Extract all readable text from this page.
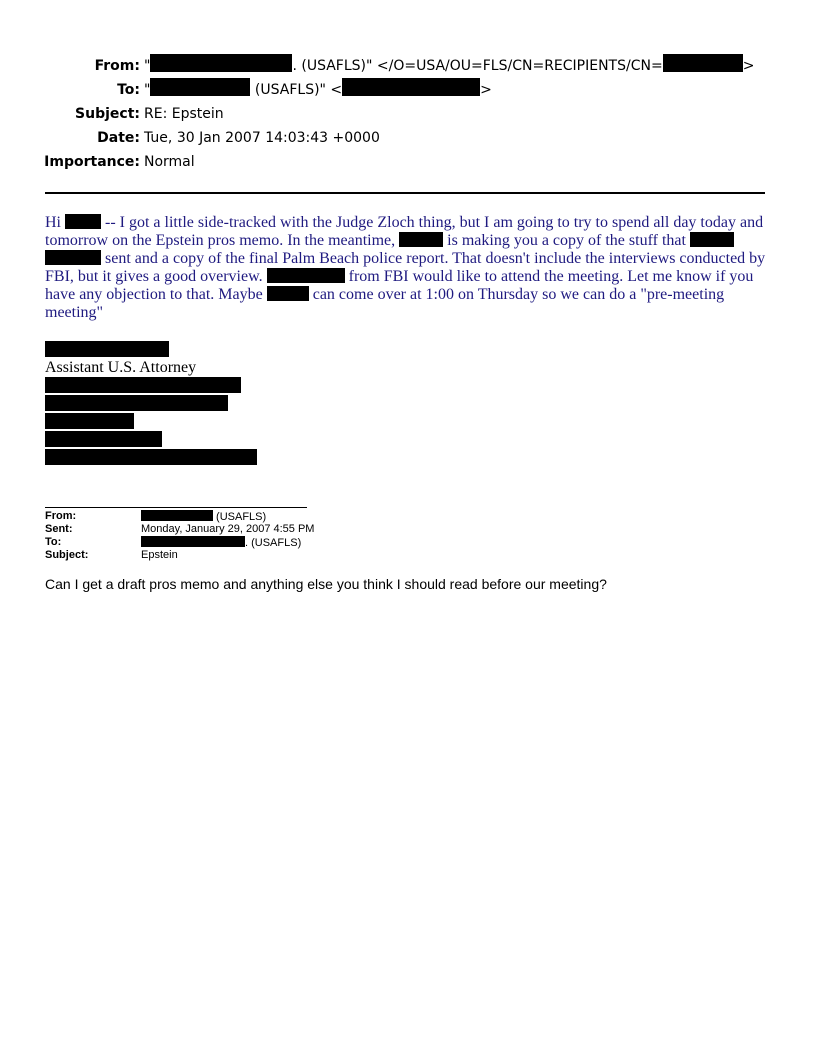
From: "	. (USAFLS)" </O=USA/OU=FLS/CN=RECIPIENTS/CN=	>
To: "	(USAFLS)" <	>
Subject: RE: Epstein
Date: Tue, 30 Jan 2007 14:03:43 +0000
Importance: Normal
Hi  -- I got a little side-tracked with the Judge Zloch thing, but I am going to try to spend all day today and tomorrow on the Epstein pros memo. In the meantime,	is making you a copy of the stuff that  sent and a copy of the final Palm Beach police report. That doesn't include the interviews conducted by FBI, but it gives a good overview.	from FBI would like to attend the meeting. Let me know if you have any objection to that. Maybe	can come over at 1:00 on Thursday so we can do a "pre-meeting meeting"
Assistant U.S. Attorney
From:	(USAFLS)
Sent:	Monday, January 29, 2007 4:55 PM
To:	. (USAFLS)
Subject:	Epstein
Can I get a draft pros memo and anything else you think I should read before our meeting?
